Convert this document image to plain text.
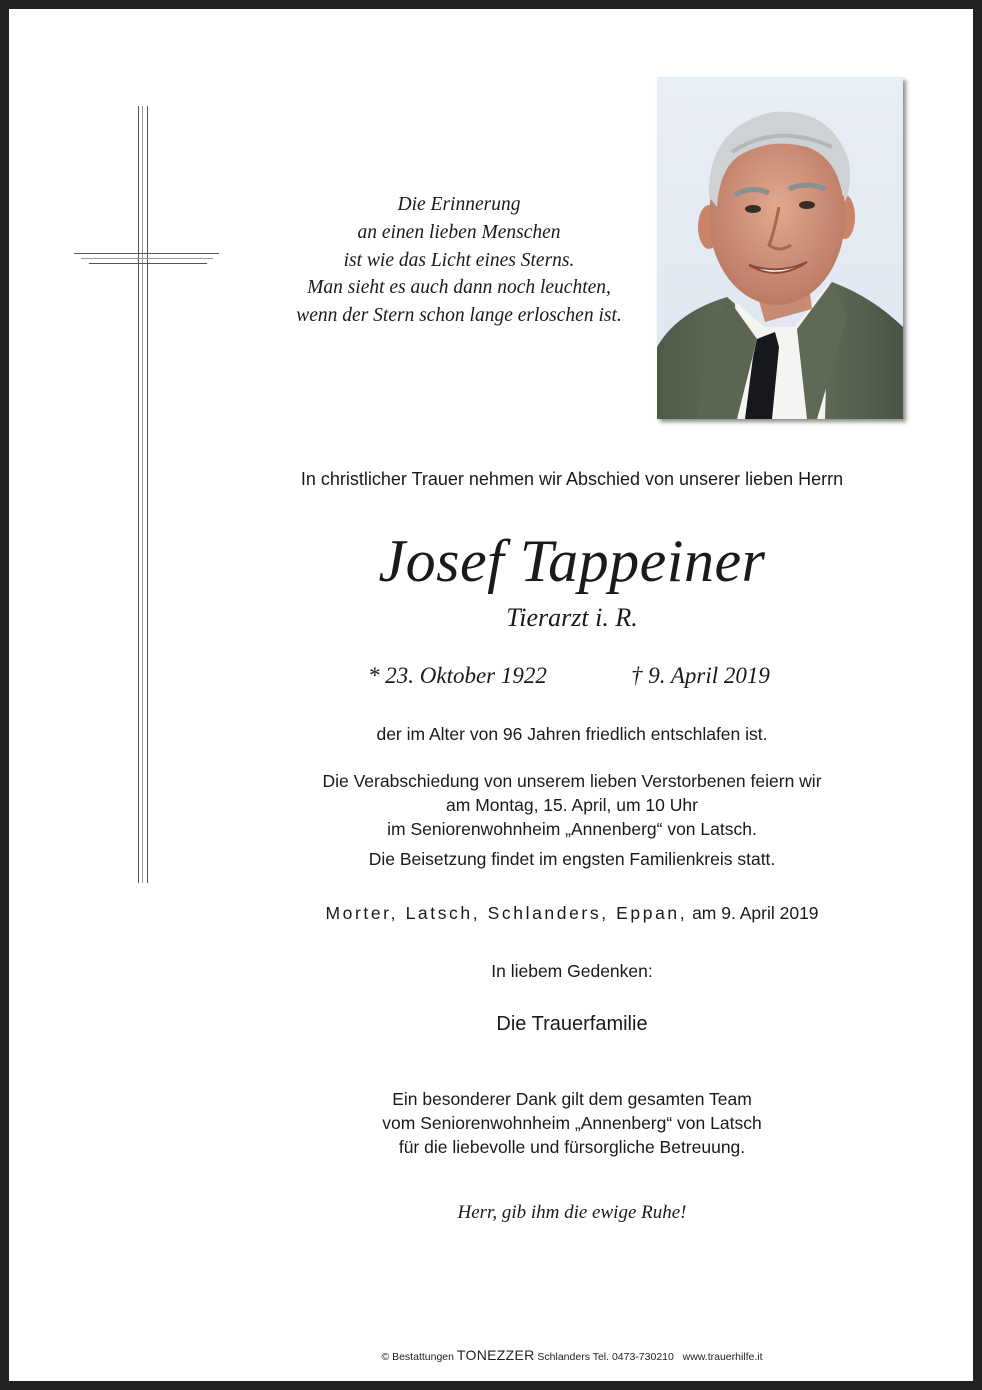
Die Erinnerung
an einen lieben Menschen
ist wie das Licht eines Sterns.
Man sieht es auch dann noch leuchten,
wenn der Stern schon lange erloschen ist.
In christlicher Trauer nehmen wir Abschied von unserer lieben Herrn
Josef Tappeiner
Tierarzt i. R.
* 23. Oktober 1922	† 9. April 2019
der im Alter von 96 Jahren friedlich entschlafen ist.
Die Verabschiedung von unserem lieben Verstorbenen feiern wir
am Montag, 15. April, um 10 Uhr
im Seniorenwohnheim „Annenberg“ von Latsch.
Die Beisetzung findet im engsten Familienkreis statt.
Morter, Latsch, Schlanders, Eppan, am 9. April 2019
In liebem Gedenken:
Die Trauerfamilie
Ein besonderer Dank gilt dem gesamten Team
vom Seniorenwohnheim „Annenberg“ von Latsch
für die liebevolle und fürsorgliche Betreuung.
Herr, gib ihm die ewige Ruhe!
© Bestattungen TONEZZER Schlanders Tel. 0473-730210 www.trauerhilfe.it
